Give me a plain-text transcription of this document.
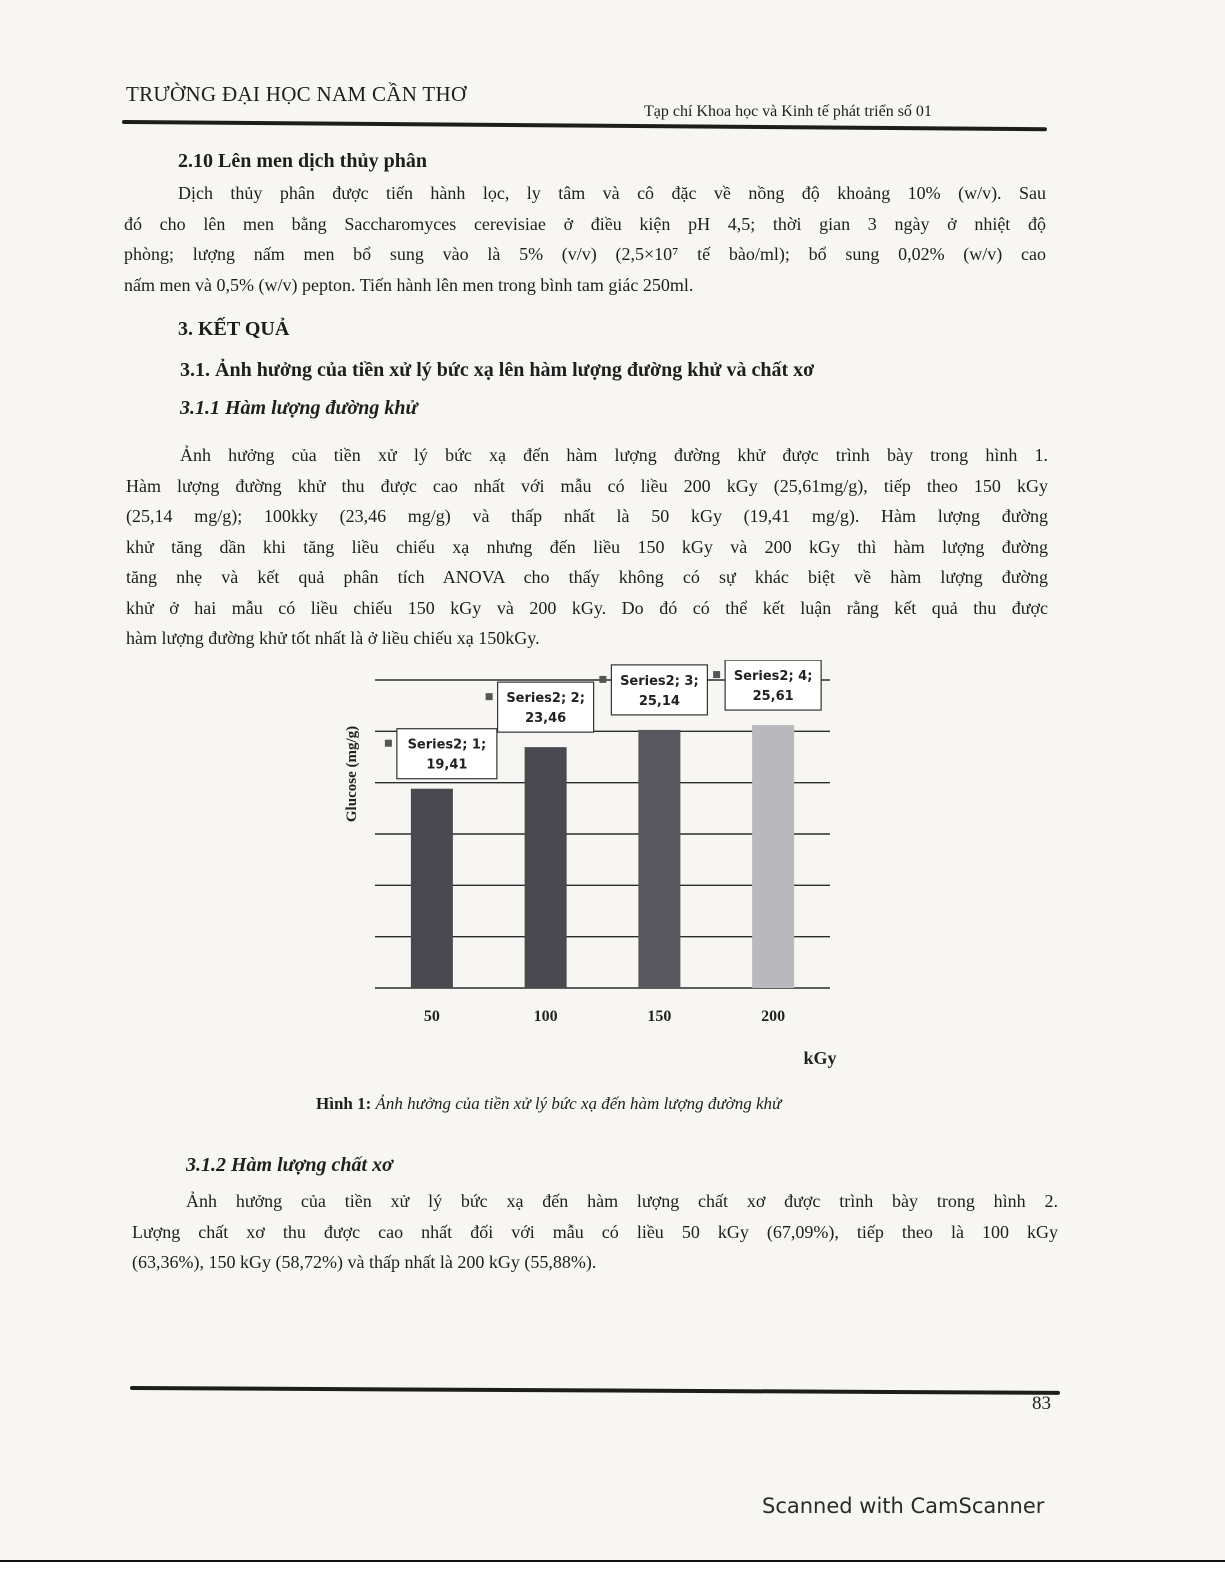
TRƯỜNG ĐẠI HỌC NAM CẦN THƠ
Tạp chí Khoa học và Kinh tế phát triển số 01
2.10 Lên men dịch thủy phân
Dịch thủy phân được tiến hành lọc, ly tâm và cô đặc về nồng độ khoảng 10% (w/v). Sau
đó cho lên men bằng Saccharomyces cerevisiae ở điều kiện pH 4,5; thời gian 3 ngày ở nhiệt độ
phòng; lượng nấm men bổ sung vào là 5% (v/v) (2,5×10⁷ tế bào/ml); bổ sung 0,02% (w/v) cao
nấm men và 0,5% (w/v) pepton. Tiến hành lên men trong bình tam giác 250ml.
3. KẾT QUẢ
3.1. Ảnh hưởng của tiền xử lý bức xạ lên hàm lượng đường khử và chất xơ
3.1.1 Hàm lượng đường khử
Ảnh hưởng của tiền xử lý bức xạ đến hàm lượng đường khử được trình bày trong hình 1.
Hàm lượng đường khử thu được cao nhất với mẫu có liều 200 kGy (25,61mg/g), tiếp theo 150 kGy
(25,14 mg/g); 100kky (23,46 mg/g) và thấp nhất là 50 kGy (19,41 mg/g). Hàm lượng đường
khử tăng dần khi tăng liều chiếu xạ nhưng đến liều 150 kGy và 200 kGy thì hàm lượng đường
tăng nhẹ và kết quả phân tích ANOVA cho thấy không có sự khác biệt về hàm lượng đường
khử ở hai mẫu có liều chiếu 150 kGy và 200 kGy. Do đó có thể kết luận rằng kết quả thu được
hàm lượng đường khử tốt nhất là ở liều chiếu xạ 150kGy.
Glucose (mg/g)
50
Series2; 1;
19,41
100
Series2; 2;
23,46
150
Series2; 3;
25,14
200
Series2; 4;
25,61
kGy
Hình 1: Ảnh hưởng của tiền xử lý bức xạ đến hàm lượng đường khử
3.1.2 Hàm lượng chất xơ
Ảnh hưởng của tiền xử lý bức xạ đến hàm lượng chất xơ được trình bày trong hình 2.
Lượng chất xơ thu được cao nhất đối với mẫu có liều 50 kGy (67,09%), tiếp theo là 100 kGy
(63,36%), 150 kGy (58,72%) và thấp nhất là 200 kGy (55,88%).
83
Scanned with CamScanner
